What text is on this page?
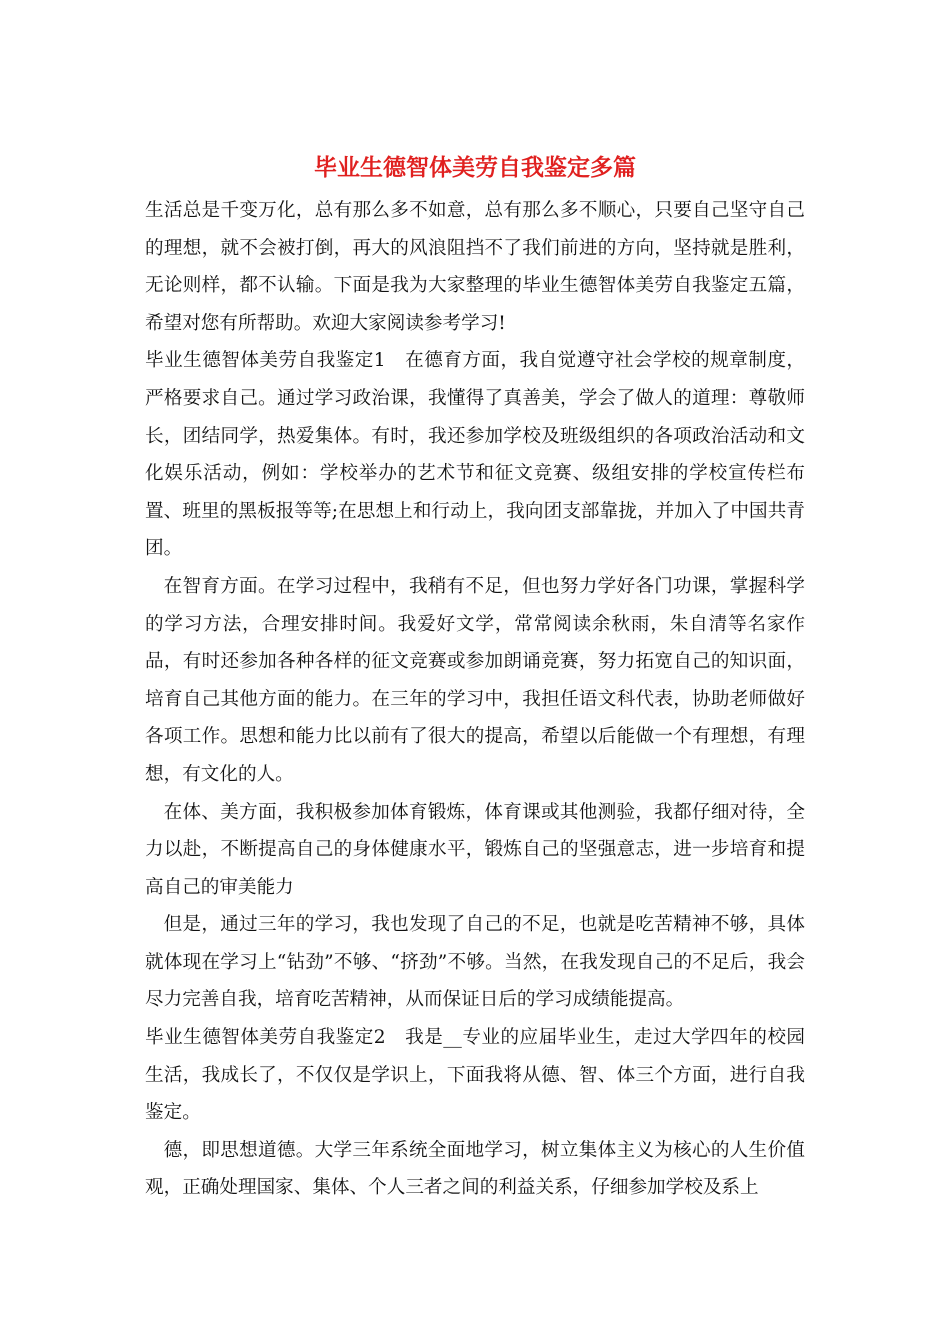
毕业生德智体美劳自我鉴定多篇

生活总是千变万化，总有那么多不如意，总有那么多不顺心，只要自己坚守自己的理想，就不会被打倒，再大的风浪阻挡不了我们前进的方向，坚持就是胜利，无论则样，都不认输。下面是我为大家整理的毕业生德智体美劳自我鉴定五篇，希望对您有所帮助。欢迎大家阅读参考学习!

毕业生德智体美劳自我鉴定1　在德育方面，我自觉遵守社会学校的规章制度，严格要求自己。通过学习政治课，我懂得了真善美，学会了做人的道理：尊敬师长，团结同学，热爱集体。有时，我还参加学校及班级组织的各项政治活动和文化娱乐活动，例如：学校举办的艺术节和征文竞赛、级组安排的学校宣传栏布置、班里的黑板报等等;在思想上和行动上，我向团支部靠拢，并加入了中国共青团。

在智育方面。在学习过程中，我稍有不足，但也努力学好各门功课，掌握科学的学习方法，合理安排时间。我爱好文学，常常阅读余秋雨，朱自清等名家作品，有时还参加各种各样的征文竞赛或参加朗诵竞赛，努力拓宽自己的知识面，培育自己其他方面的能力。在三年的学习中，我担任语文科代表，协助老师做好各项工作。思想和能力比以前有了很大的提高，希望以后能做一个有理想，有理想，有文化的人。

在体、美方面，我积极参加体育锻炼，体育课或其他测验，我都仔细对待，全力以赴，不断提高自己的身体健康水平，锻炼自己的坚强意志，进一步培育和提高自己的审美能力

但是，通过三年的学习，我也发现了自己的不足，也就是吃苦精神不够，具体就体现在学习上“钻劲”不够、“挤劲”不够。当然，在我发现自己的不足后，我会尽力完善自我，培育吃苦精神，从而保证日后的学习成绩能提高。

毕业生德智体美劳自我鉴定2　我是__专业的应届毕业生，走过大学四年的校园生活，我成长了，不仅仅是学识上，下面我将从德、智、体三个方面，进行自我鉴定。

德，即思想道德。大学三年系统全面地学习，树立集体主义为核心的人生价值观，正确处理国家、集体、个人三者之间的利益关系，仔细参加学校及系上
